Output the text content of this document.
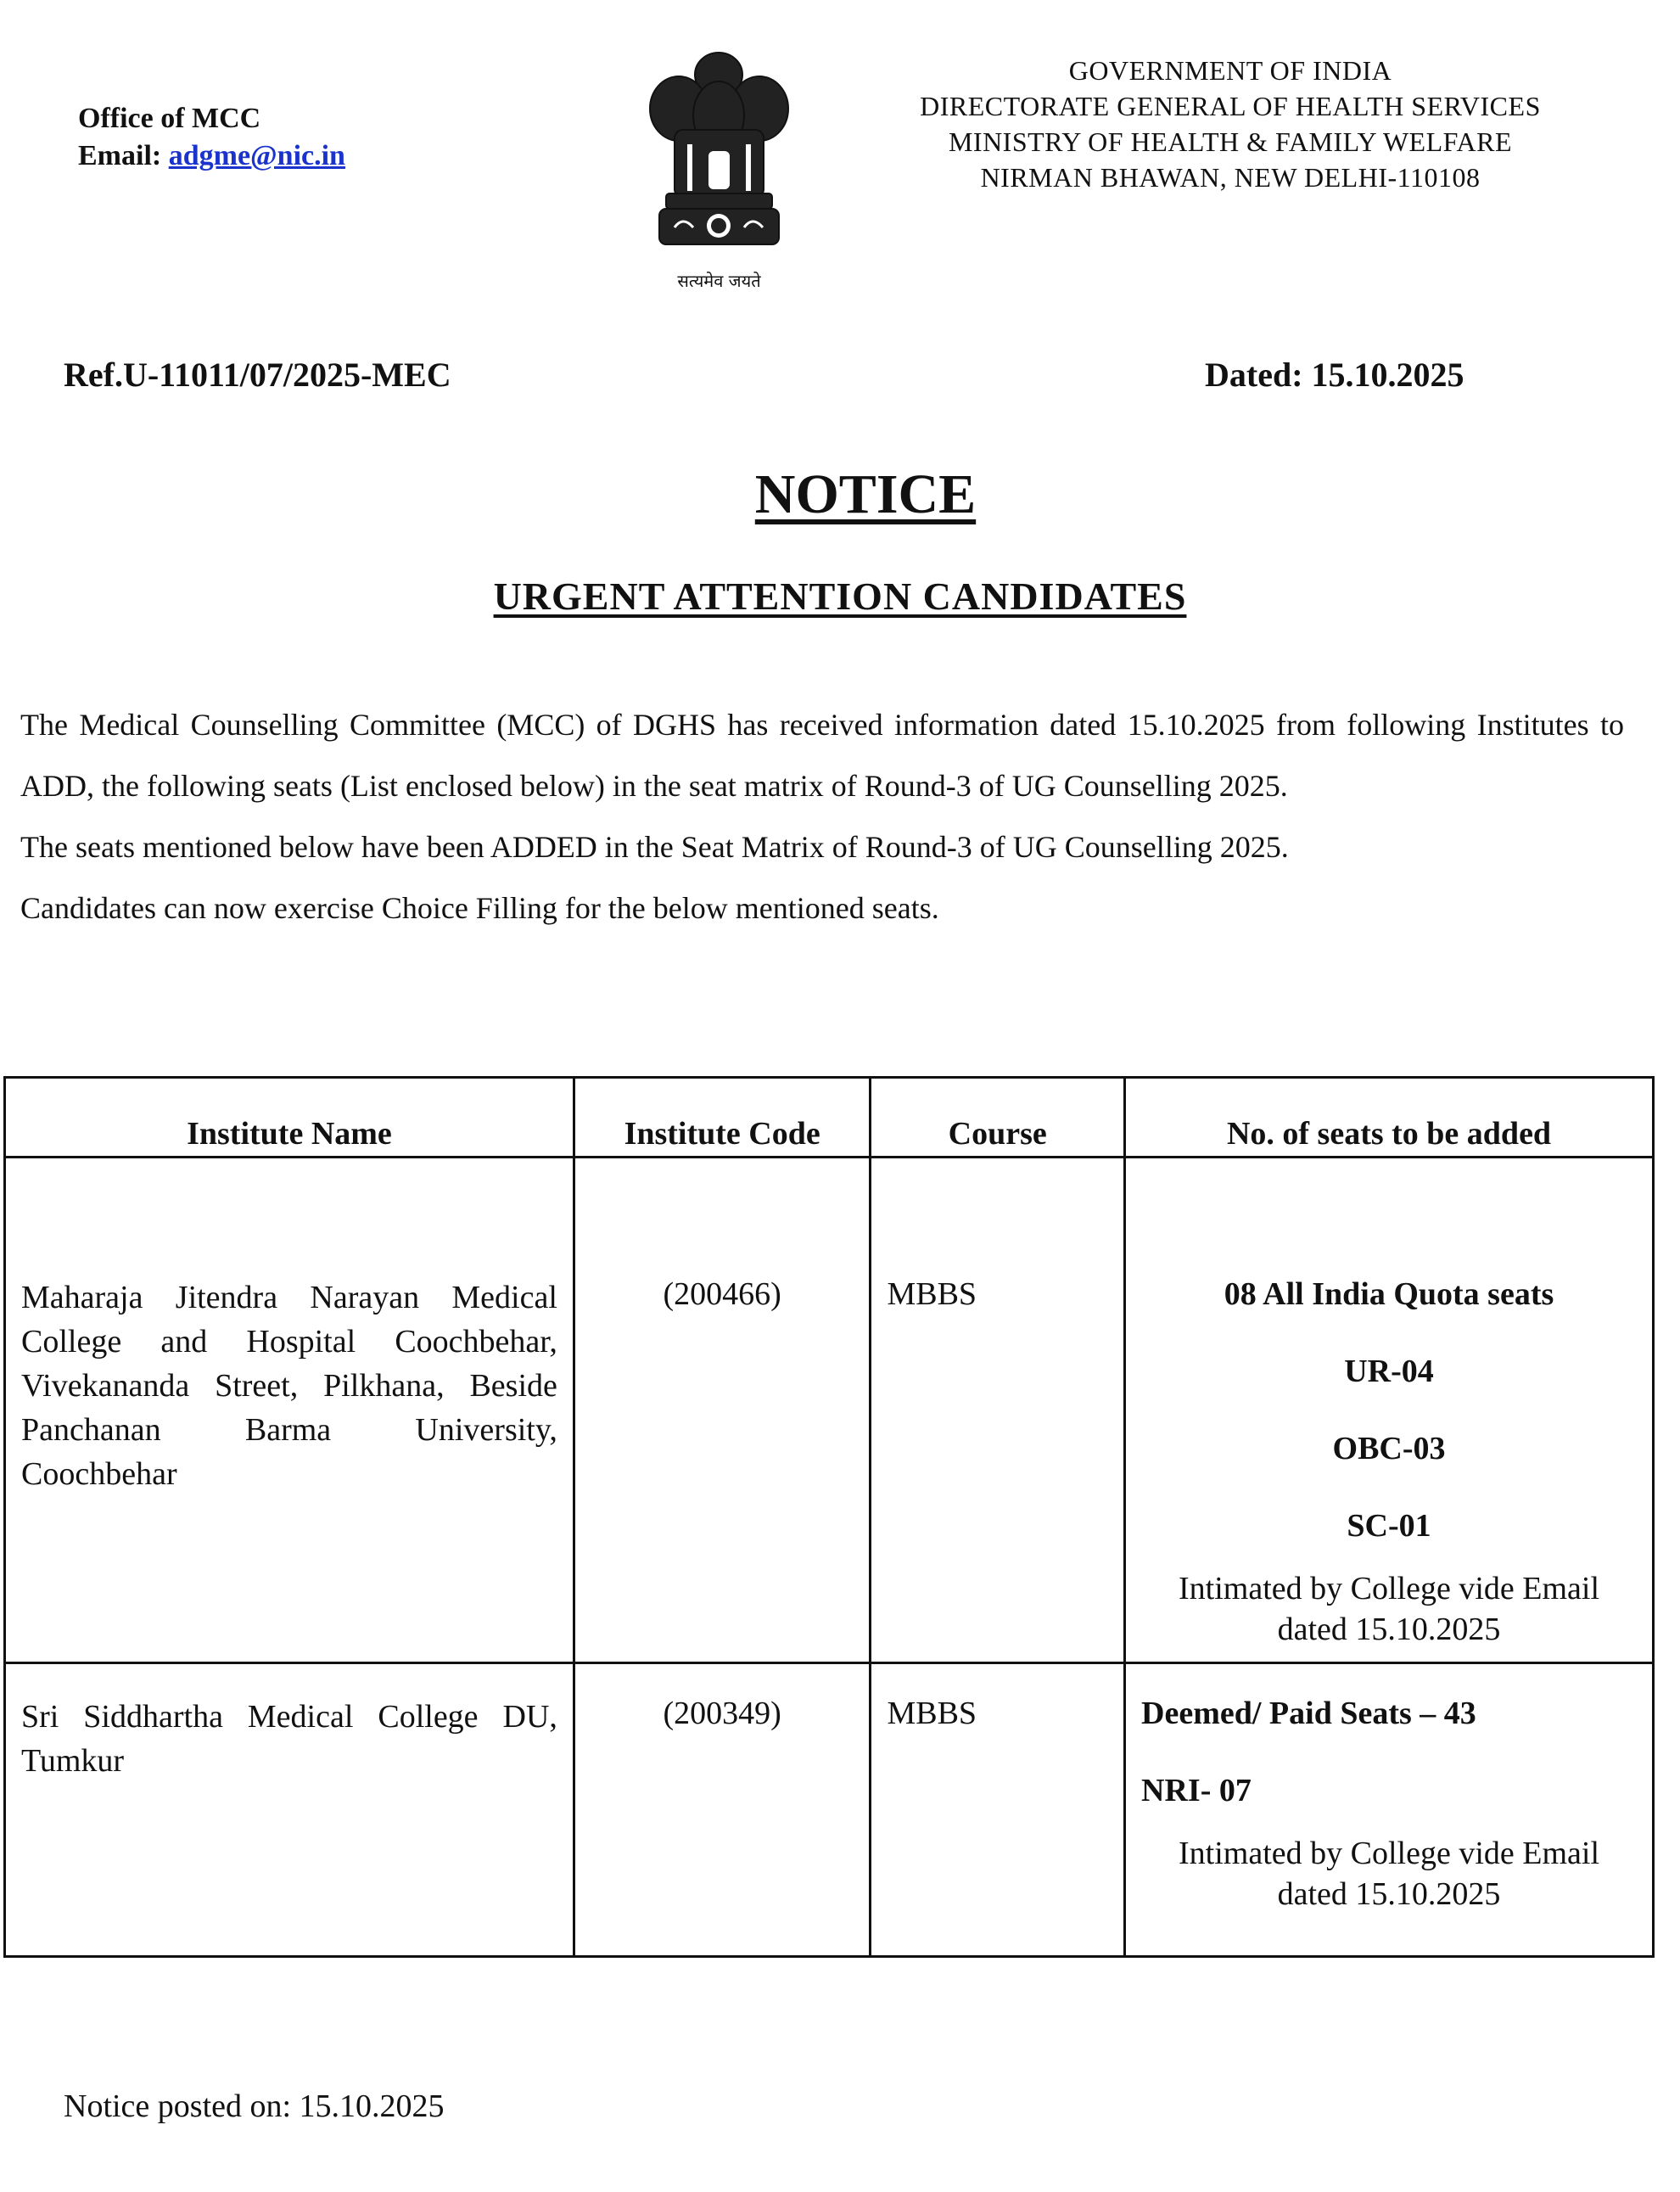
Office of MCC
Email: adgme@nic.in
सत्यमेव जयते
GOVERNMENT OF INDIA
DIRECTORATE GENERAL OF HEALTH SERVICES
MINISTRY OF HEALTH & FAMILY WELFARE
NIRMAN BHAWAN, NEW DELHI-110108
Ref.U-11011/07/2025-MEC	Dated: 15.10.2025
NOTICE
URGENT ATTENTION CANDIDATES

The Medical Counselling Committee (MCC) of DGHS has received information dated 15.10.2025 from following Institutes to ADD, the following seats (List enclosed below) in the seat matrix of Round-3 of UG Counselling 2025.

The seats mentioned below have been ADDED in the Seat Matrix of Round-3 of UG Counselling 2025.

Candidates can now exercise Choice Filling for the below mentioned seats.

Institute Name	Institute Code	Course	No. of seats to be added
Maharaja Jitendra Narayan Medical College and Hospital Coochbehar, Vivekananda Street, Pilkhana, Beside Panchanan Barma University, Coochbehar	(200466)	MBBS	08 All India Quota seats
UR-04
OBC-03
SC-01
Intimated by College vide Email dated 15.10.2025

Sri Siddhartha Medical College DU, Tumkur	(200349)	MBBS	Deemed/ Paid Seats – 43
NRI- 07
Intimated by College vide Email dated 15.10.2025
Notice posted on: 15.10.2025
